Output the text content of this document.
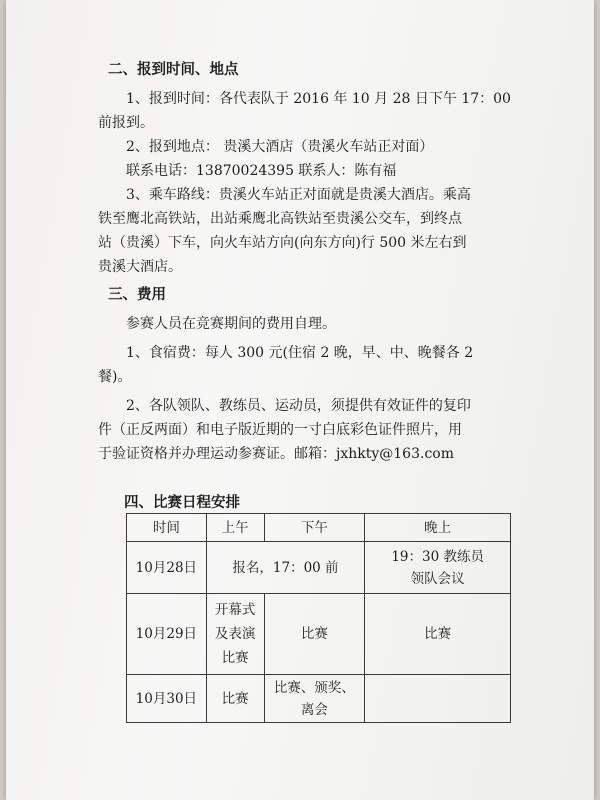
二、报到时间、地点
1、报到时间：各代表队于 2016 年 10 月 28 日下午 17：00
前报到。
2、报到地点： 贵溪大酒店（贵溪火车站正对面）
联系电话：13870024395 联系人：陈有福
3、乘车路线：贵溪火车站正对面就是贵溪大酒店。乘高
铁至鹰北高铁站，出站乘鹰北高铁站至贵溪公交车，到终点
站（贵溪）下车，向火车站方向(向东方向)行 500 米左右到
贵溪大酒店。
三、费用
参赛人员在竞赛期间的费用自理。
1、食宿费：每人 300 元(住宿 2 晚，早、中、晚餐各 2
餐)。
2、各队领队、教练员、运动员，须提供有效证件的复印
件（正反两面）和电子版近期的一寸白底彩色证件照片，用
于验证资格并办理运动参赛证。邮箱：jxhkty@163.com
四、比赛日程安排
时间	上午	下午	晚上
10月28日	报名，17：00 前		19：30 教练员领队会议
10月29日	开幕式及表演比赛	比赛	比赛
10月30日	比赛	比赛、颁奖、离会	
